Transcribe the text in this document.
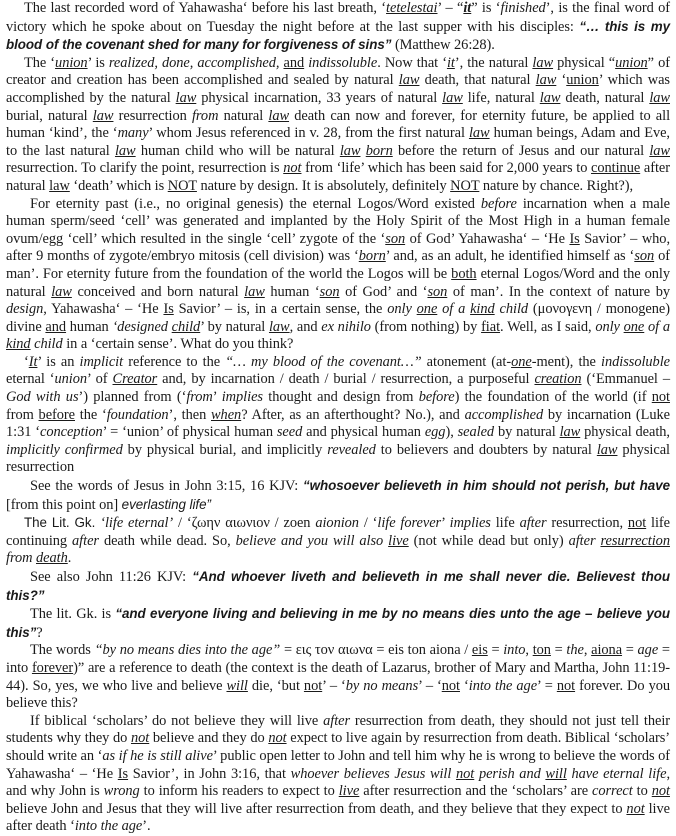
The last recorded word of Yahawasha‘ before his last breath, ‘tetelestai’ – “it” is ‘finished’, is the final word of victory which he spoke about on Tuesday the night before at the last supper with his disciples: “… this is my blood of the covenant shed for many for forgiveness of sins” (Matthew 26:28).

The ‘union’ is realized, done, accomplished, and indissoluble. Now that ‘it’, the natural law physical “union” of creator and creation has been accomplished and sealed by natural law death, that natural law ‘union’ which was accomplished by the natural law physical incarnation, 33 years of natural law life, natural law death, natural law burial, natural law resurrection from natural law death can now and forever, for eternity future, be applied to all human ‘kind’, the ‘many’ whom Jesus referenced in v. 28, from the first natural law human beings, Adam and Eve, to the last natural law human child who will be natural law born before the return of Jesus and our natural law resurrection. To clarify the point, resurrection is not from ‘life’ which has been said for 2,000 years to continue after natural law ‘death’ which is NOT nature by design. It is absolutely, definitely NOT nature by chance. Right?),

For eternity past (i.e., no original genesis) the eternal Logos/Word existed before incarnation when a male human sperm/seed ‘cell’ was generated and implanted by the Holy Spirit of the Most High in a human female ovum/egg ‘cell’ which resulted in the single ‘cell’ zygote of the ‘son of God’ Yahawasha‘ – ‘He Is Savior’ – who, after 9 months of zygote/embryo mitosis (cell division) was ‘born’ and, as an adult, he identified himself as ‘son of man’. For eternity future from the foundation of the world the Logos will be both eternal Logos/Word and the only natural law conceived and born natural law human ‘son of God’ and ‘son of man’. In the context of nature by design, Yahawasha‘ – ‘He Is Savior’ – is, in a certain sense, the only one of a kind child (μονογενη / monogene) divine and human ‘designed child’ by natural law, and ex nihilo (from nothing) by fiat. Well, as I said, only one of a kind child in a ‘certain sense’. What do you think?

‘It’ is an implicit reference to the “… my blood of the covenant…” atonement (at-one-ment), the indissoluble eternal ‘union’ of Creator and, by incarnation / death / burial / resurrection, a purposeful creation (‘Emmanuel – God with us’) planned from (‘from’ implies thought and design from before) the foundation of the world (if not from before the ‘foundation’, then when? After, as an afterthought? No.), and accomplished by incarnation (Luke 1:31 ‘conception’ = ‘union’ of physical human seed and physical human egg), sealed by natural law physical death, implicitly confirmed by physical burial, and implicitly revealed to believers and doubters by natural law physical resurrection

See the words of Jesus in John 3:15, 16 KJV: “whosoever believeth in him should not perish, but have [from this point on] everlasting life”

The Lit. Gk. ‘life eternal’ / ‘ζωην αιωνιον / zoen aionion / ‘life forever’ implies life after resurrection, not life continuing after death while dead. So, believe and you will also live (not while dead but only) after resurrection from death.

See also John 11:26 KJV: “And whoever liveth and believeth in me shall never die. Believest thou this?”

The lit. Gk. is “and everyone living and believing in me by no means dies unto the age – believe you this”?

The words “by no means dies into the age” = εις τον αιωνα = eis ton aiona / eis = into, ton = the, aiona = age = into forever)” are a reference to death (the context is the death of Lazarus, brother of Mary and Martha, John 11:19-44). So, yes, we who live and believe will die, ‘but not’ – ‘by no means’ – ‘not ‘into the age’ = not forever. Do you believe this?

If biblical ‘scholars’ do not believe they will live after resurrection from death, they should not just tell their students why they do not believe and they do not expect to live again by resurrection from death. Biblical ‘scholars’ should write an ‘as if he is still alive’ public open letter to John and tell him why he is wrong to believe the words of Yahawasha‘ – ‘He Is Savior’, in John 3:16, that whoever believes Jesus will not perish and will have eternal life, and why John is wrong to inform his readers to expect to live after resurrection and the ‘scholars’ are correct to not believe John and Jesus that they will live after resurrection from death, and they believe that they expect to not live after death ‘into the age’.
